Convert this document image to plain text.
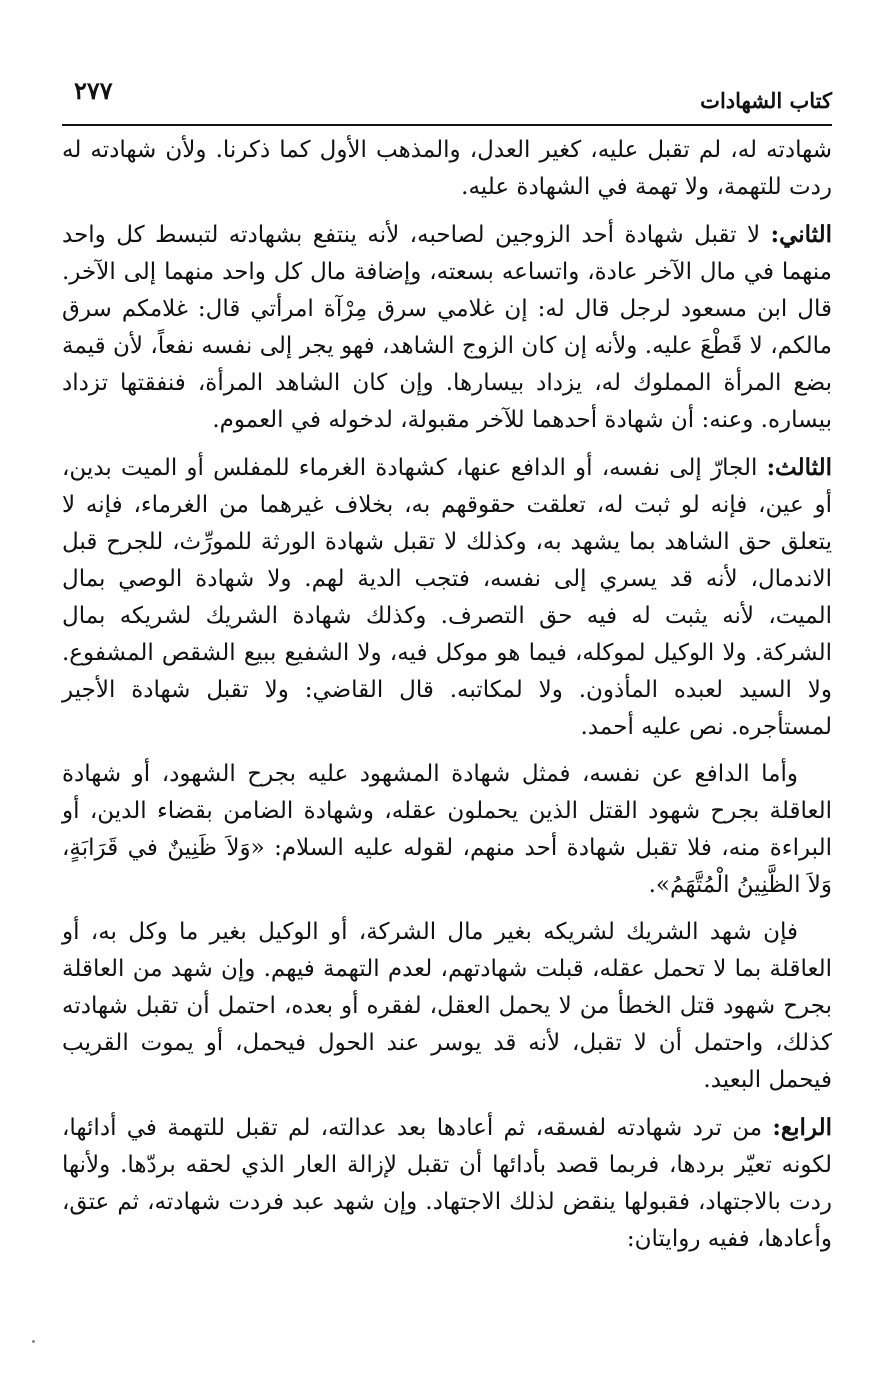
كتاب الشهادات
٢٧٧

شهادته له، لم تقبل عليه، كغير العدل، والمذهب الأول كما ذكرنا. ولأن شهادته له ردت للتهمة، ولا تهمة في الشهادة عليه.

الثاني: لا تقبل شهادة أحد الزوجين لصاحبه، لأنه ينتفع بشهادته لتبسط كل واحد منهما في مال الآخر عادة، واتساعه بسعته، وإضافة مال كل واحد منهما إلى الآخر. قال ابن مسعود لرجل قال له: إن غلامي سرق مِرْآة امرأتي قال: غلامكم سرق مالكم، لا قَطْعَ عليه. ولأنه إن كان الزوج الشاهد، فهو يجر إلى نفسه نفعاً، لأن قيمة بضع المرأة المملوك له، يزداد بيسارها. وإن كان الشاهد المرأة، فنفقتها تزداد بيساره. وعنه: أن شهادة أحدهما للآخر مقبولة، لدخوله في العموم.

الثالث: الجارّ إلى نفسه، أو الدافع عنها، كشهادة الغرماء للمفلس أو الميت بدين، أو عين، فإنه لو ثبت له، تعلقت حقوقهم به، بخلاف غيرهما من الغرماء، فإنه لا يتعلق حق الشاهد بما يشهد به، وكذلك لا تقبل شهادة الورثة للمورِّث، للجرح قبل الاندمال، لأنه قد يسري إلى نفسه، فتجب الدية لهم. ولا شهادة الوصي بمال الميت، لأنه يثبت له فيه حق التصرف. وكذلك شهادة الشريك لشريكه بمال الشركة. ولا الوكيل لموكله، فيما هو موكل فيه، ولا الشفيع ببيع الشقص المشفوع. ولا السيد لعبده المأذون. ولا لمكاتبه. قال القاضي: ولا تقبل شهادة الأجير لمستأجره. نص عليه أحمد.

وأما الدافع عن نفسه، فمثل شهادة المشهود عليه بجرح الشهود، أو شهادة العاقلة بجرح شهود القتل الذين يحملون عقله، وشهادة الضامن بقضاء الدين، أو البراءة منه، فلا تقبل شهادة أحد منهم، لقوله عليه السلام: «وَلاَ ظَنِينٌ في قَرَابَةٍ، وَلاَ الظَّنِينُ الْمُتَّهَمُ».

فإن شهد الشريك لشريكه بغير مال الشركة، أو الوكيل بغير ما وكل به، أو العاقلة بما لا تحمل عقله، قبلت شهادتهم، لعدم التهمة فيهم. وإن شهد من العاقلة بجرح شهود قتل الخطأ من لا يحمل العقل، لفقره أو بعده، احتمل أن تقبل شهادته كذلك، واحتمل أن لا تقبل، لأنه قد يوسر عند الحول فيحمل، أو يموت القريب فيحمل البعيد.

الرابع: من ترد شهادته لفسقه، ثم أعادها بعد عدالته، لم تقبل للتهمة في أدائها، لكونه تعيّر بردها، فربما قصد بأدائها أن تقبل لإزالة العار الذي لحقه بردّها. ولأنها ردت بالاجتهاد، فقبولها ينقض لذلك الاجتهاد. وإن شهد عبد فردت شهادته، ثم عتق، وأعادها، ففيه روايتان:
